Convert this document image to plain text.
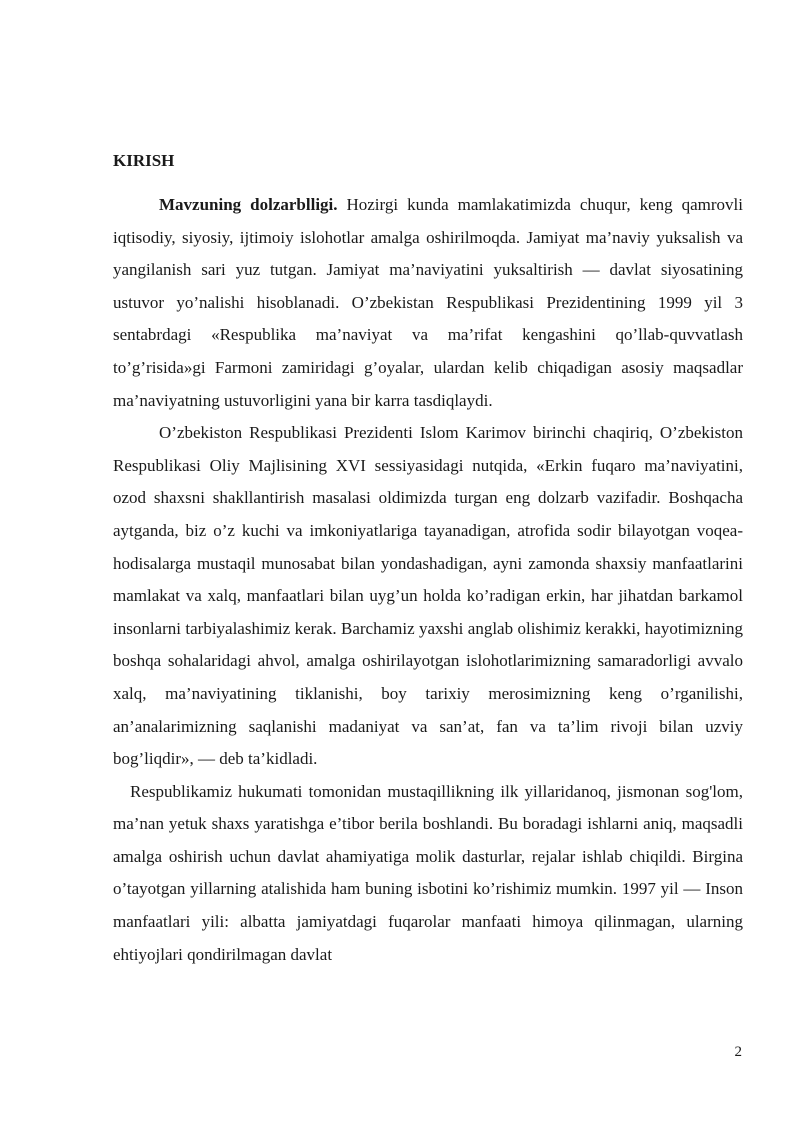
KIRISH

Mavzuning dolzarblligi. Hozirgi kunda mamlakatimizda chuqur, keng qamrovli iqtisodiy, siyosiy, ijtimoiy islohotlar amalga oshirilmoqda. Jamiyat ma’naviy yuksalish va yangilanish sari yuz tutgan. Jamiyat ma’naviyatini yuksaltirish — davlat siyosatining ustuvor yo’nalishi hisoblanadi. O’zbekistan Respublikasi Prezidentining 1999 yil 3 sentabrdagi «Respublika ma’naviyat va ma’rifat kengashini qo’llab-quvvatlash to’g’risida»gi Farmoni zamiridagi g’oyalar, ulardan kelib chiqadigan asosiy maqsadlar ma’naviyatning ustuvorligini yana bir karra tasdiqlaydi.

O’zbekiston Respublikasi Prezidenti Islom Karimov birinchi chaqiriq, O’zbekiston Respublikasi Oliy Majlisining XVI sessiyasidagi nutqida, «Erkin fuqaro ma’naviyatini, ozod shaxsni shakllantirish masalasi oldimizda turgan eng dolzarb vazifadir. Boshqacha aytganda, biz o’z kuchi va imkoniyatlariga tayanadigan, atrofida sodir bilayotgan voqea-hodisalarga mustaqil munosabat bilan yondashadigan, ayni zamonda shaxsiy manfaatlarini mamlakat va xalq, manfaatlari bilan uyg’un holda ko’radigan erkin, har jihatdan barkamol insonlarni tarbiyalashimiz kerak. Barchamiz yaxshi anglab olishimiz kerakki, hayotimizning boshqa sohalaridagi ahvol, amalga oshirilayotgan islohotlarimizning samaradorligi avvalo xalq, ma’naviyatining tiklanishi, boy tarixiy merosimizning keng o’rganilishi, an’analarimizning saqlanishi madaniyat va san’at, fan va ta’lim rivoji bilan uzviy bog’liqdir», — deb ta’kidladi.

Respublikamiz hukumati tomonidan mustaqillikning ilk yillaridanoq, jismonan sog'lom, ma’nan yetuk shaxs yaratishga e’tibor berila boshlandi. Bu boradagi ishlarni aniq, maqsadli amalga oshirish uchun davlat ahamiyatiga molik dasturlar, rejalar ishlab chiqildi. Birgina o’tayotgan yillarning atalishida ham buning isbotini ko’rishimiz mumkin. 1997 yil — Inson manfaatlari yili: albatta jamiyatdagi fuqarolar manfaati himoya qilinmagan, ularning ehtiyojlari qondirilmagan davlat

2
